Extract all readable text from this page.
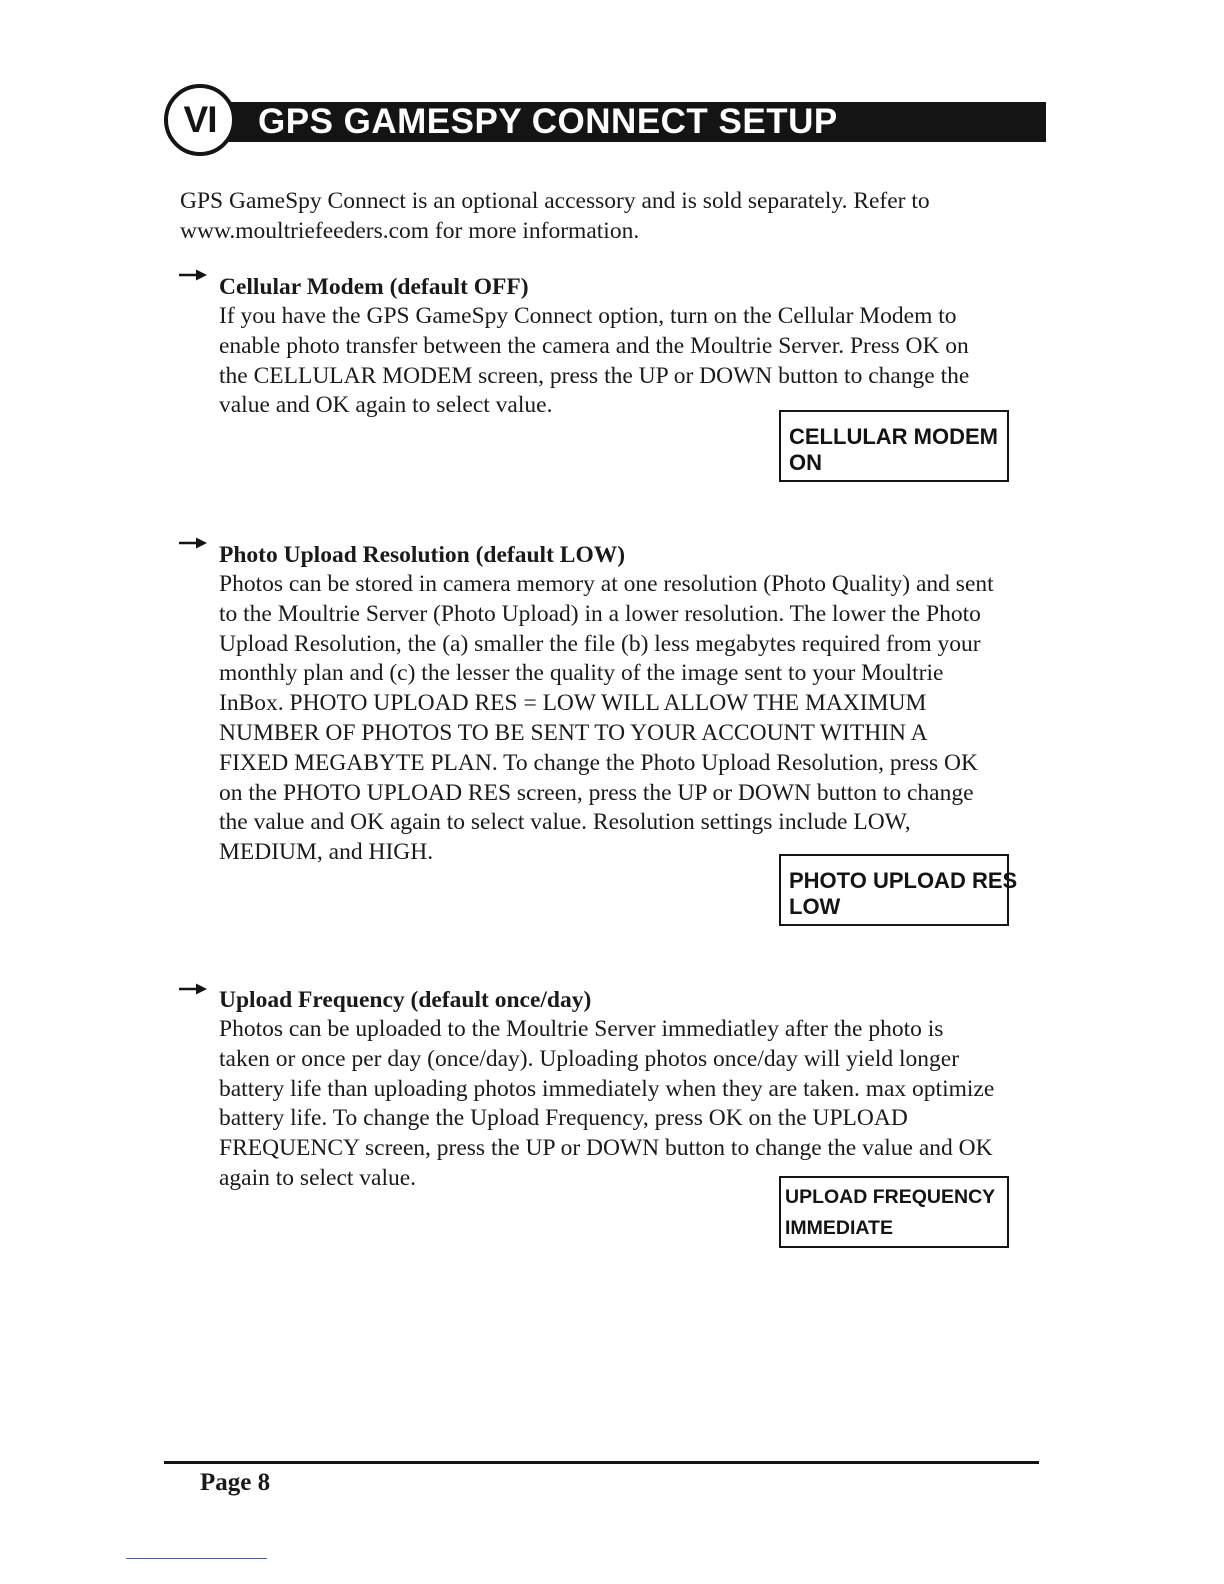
GPS GAMESPY CONNECT SETUP
VI

GPS GameSpy Connect is an optional accessory and is sold separately. Refer to
www.moultriefeeders.com for more information.

Cellular Modem (default OFF)

If you have the GPS GameSpy Connect option, turn on the Cellular Modem to
enable photo transfer between the camera and the Moultrie Server. Press OK on
the CELLULAR MODEM screen, press the UP or DOWN button to change the
value and OK again to select value.

CELLULAR MODEM
ON
Photo Upload Resolution (default LOW)

Photos can be stored in camera memory at one resolution (Photo Quality) and sent
to the Moultrie Server (Photo Upload) in a lower resolution. The lower the Photo
Upload Resolution, the (a) smaller the file (b) less megabytes required from your
monthly plan and (c) the lesser the quality of the image sent to your Moultrie
InBox. PHOTO UPLOAD RES = LOW WILL ALLOW THE MAXIMUM
NUMBER OF PHOTOS TO BE SENT TO YOUR ACCOUNT WITHIN A
FIXED MEGABYTE PLAN. To change the Photo Upload Resolution, press OK
on the PHOTO UPLOAD RES screen, press the UP or DOWN button to change
the value and OK again to select value. Resolution settings include LOW,
MEDIUM, and HIGH.

PHOTO UPLOAD RES
LOW
Upload Frequency (default once/day)

Photos can be uploaded to the Moultrie Server immediatley after the photo is
taken or once per day (once/day). Uploading photos once/day will yield longer
battery life than uploading photos immediately when they are taken. max optimize
battery life. To change the Upload Frequency, press OK on the UPLOAD
FREQUENCY screen, press the UP or DOWN button to change the value and OK
again to select value.

UPLOAD FREQUENCY
IMMEDIATE
Page 8
